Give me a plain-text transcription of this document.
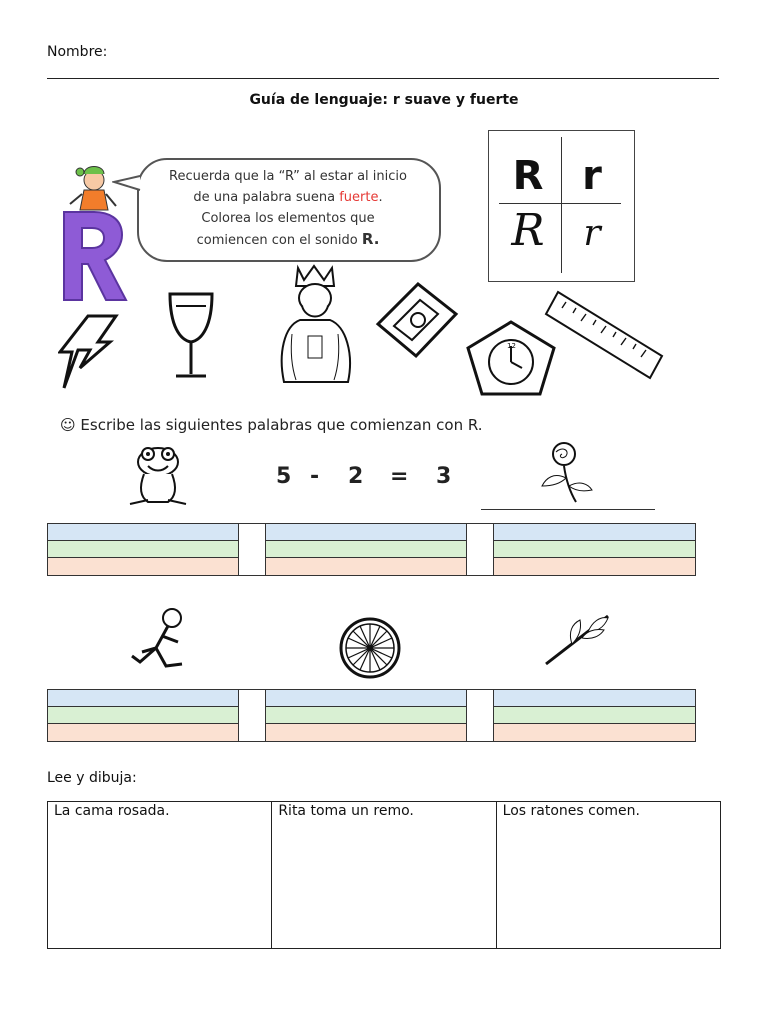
Nombre:
Guía de lenguaje: r suave y fuerte
Recuerda que la “R” al estar al inicio
de una palabra suena fuerte.
Colorea los elementos que
comiencen con el sonido R.
R r
R	r
12
☺ Escribe las siguientes palabras que comienzan con R.
5 - 2 = 3
Lee y dibuja:
La cama rosada.	Rita toma un remo.	Los ratones comen.
